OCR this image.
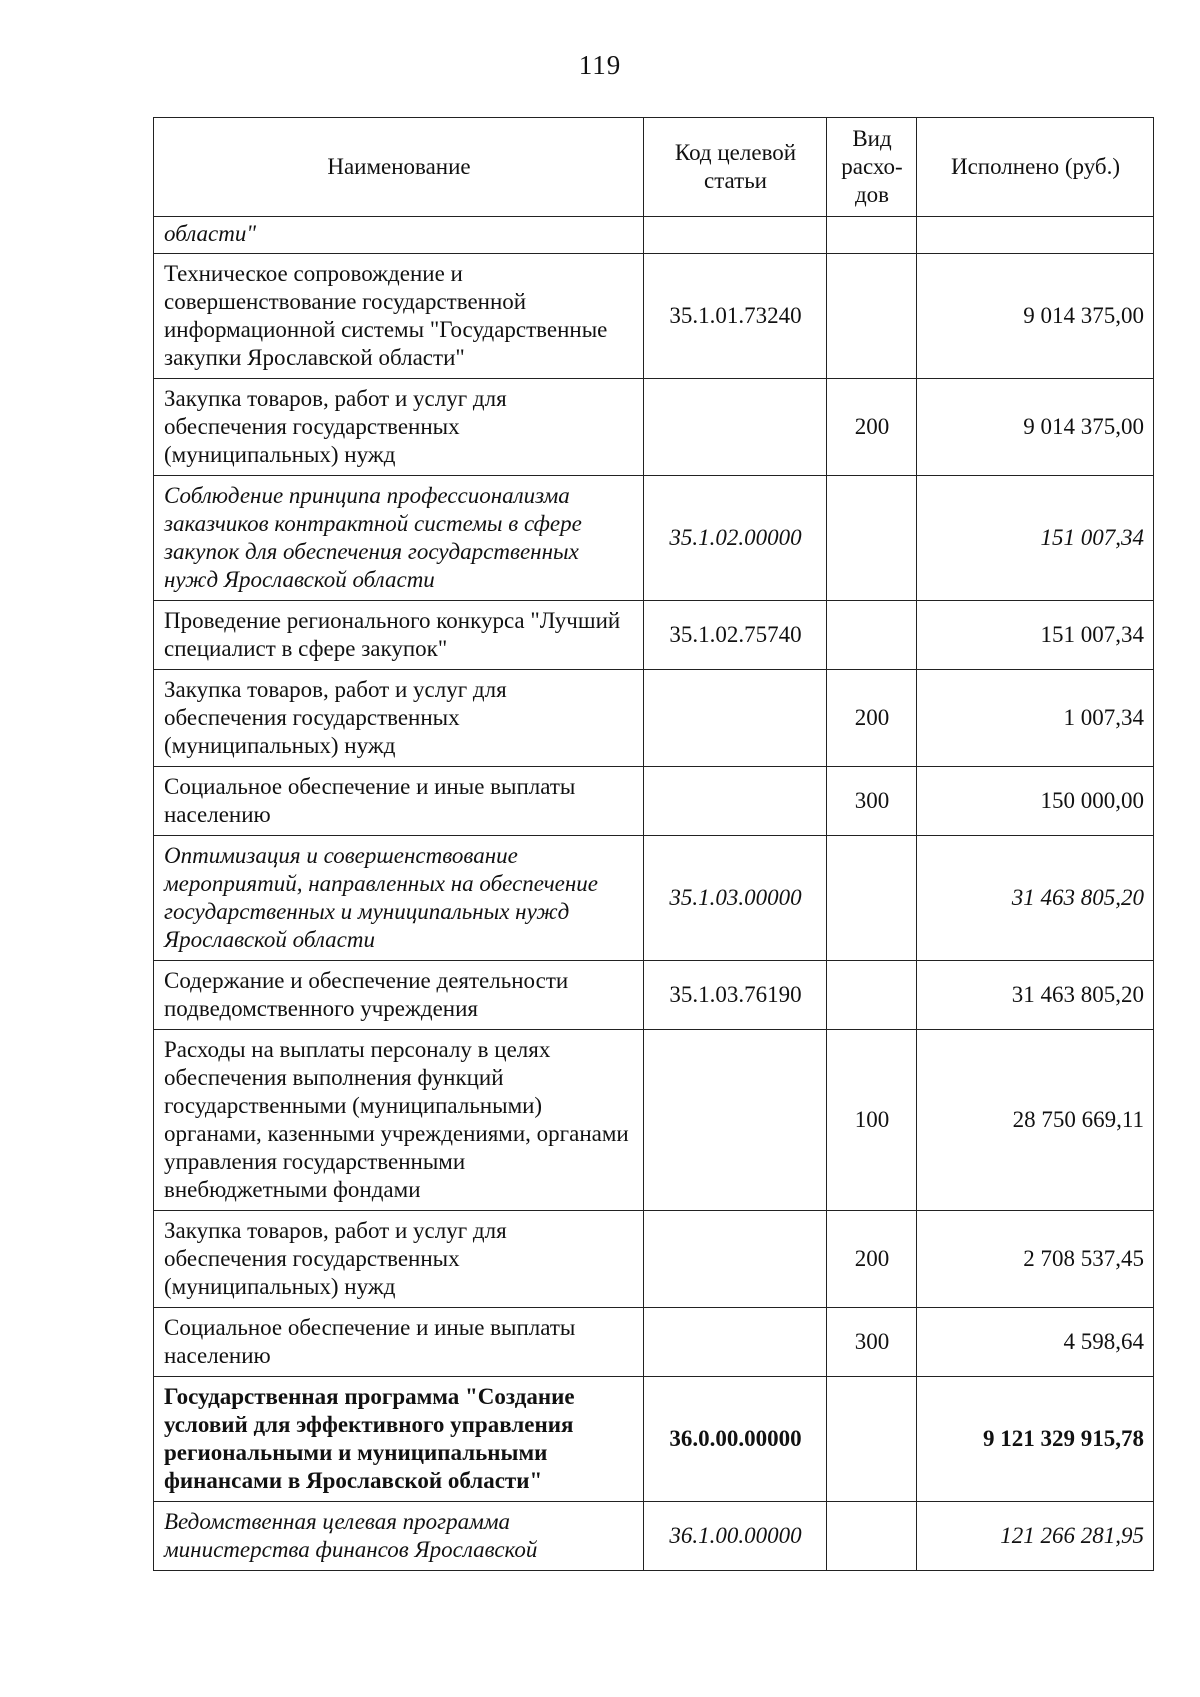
119
Наименование	Код целевой статьи	Вид расхо-дов	Исполнено (руб.)
области"			
Техническое сопровождение и совершенствование государственной информационной системы "Государственные закупки Ярославской области"	35.1.01.73240		9 014 375,00
Закупка товаров, работ и услуг для обеспечения государственных (муниципальных) нужд		200	9 014 375,00
Соблюдение принципа профессионализма заказчиков контрактной системы в сфере закупок для обеспечения государственных нужд Ярославской области	35.1.02.00000		151 007,34
Проведение регионального конкурса "Лучший специалист в сфере закупок"	35.1.02.75740		151 007,34
Закупка товаров, работ и услуг для обеспечения государственных (муниципальных) нужд		200	1 007,34
Социальное обеспечение и иные выплаты населению		300	150 000,00
Оптимизация и совершенствование мероприятий, направленных на обеспечение государственных и муниципальных нужд Ярославской области	35.1.03.00000		31 463 805,20
Содержание и обеспечение деятельности подведомственного учреждения	35.1.03.76190		31 463 805,20
Расходы на выплаты персоналу в целях обеспечения выполнения функций государственными (муниципальными) органами, казенными учреждениями, органами управления государственными внебюджетными фондами		100	28 750 669,11
Закупка товаров, работ и услуг для обеспечения государственных (муниципальных) нужд		200	2 708 537,45
Социальное обеспечение и иные выплаты населению		300	4 598,64
Государственная программа "Создание условий для эффективного управления региональными и муниципальными финансами в Ярославской области"	36.0.00.00000		9 121 329 915,78
Ведомственная целевая программа министерства финансов Ярославской	36.1.00.00000		121 266 281,95
